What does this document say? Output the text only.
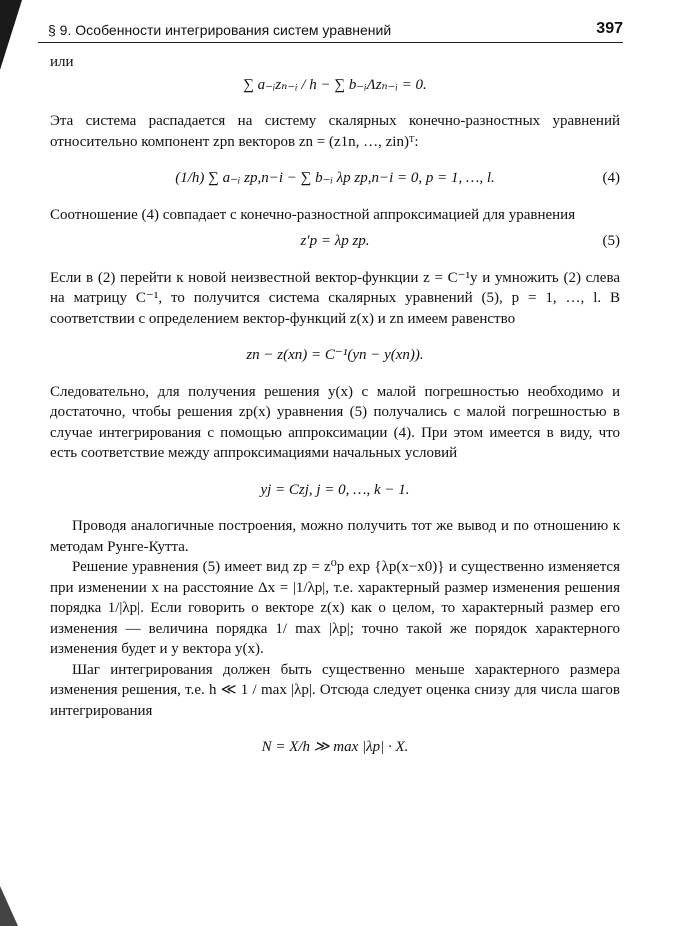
§ 9. Особенности интегрирования систем уравнений	397

или

∑ a₋ᵢzₙ₋ᵢ / h − ∑ b₋ᵢΛzₙ₋ᵢ = 0.

Эта система распадается на систему скалярных конечно-разностных уравнений относительно компонент zpn векторов zn = (z1n, …, zin)ᵀ:

(1/h) ∑ a₋ᵢ zp,n−i − ∑ b₋ᵢ λp zp,n−i = 0, p = 1, …, l.	(4)

Соотношение (4) совпадает с конечно-разностной аппроксимацией для уравнения

z′p = λp zp.	(5)

Если в (2) перейти к новой неизвестной вектор-функции z = C⁻¹y и умножить (2) слева на матрицу C⁻¹, то получится система скалярных уравнений (5), p = 1, …, l. В соответствии с определением вектор-функций z(x) и zn имеем равенство

zn − z(xn) = C⁻¹(yn − y(xn)).

Следовательно, для получения решения y(x) с малой погрешностью необходимо и достаточно, чтобы решения zp(x) уравнения (5) получались с малой погрешностью в случае интегрирования с помощью аппроксимации (4). При этом имеется в виду, что есть соответствие между аппроксимациями начальных условий

yj = Czj, j = 0, …, k − 1.

Проводя аналогичные построения, можно получить тот же вывод и по отношению к методам Рунге-Кутта.

Решение уравнения (5) имеет вид zp = z⁰p exp {λp(x−x0)} и существенно изменяется при изменении x на расстояние Δx = |1/λp|, т.е. характерный размер изменения решения порядка 1/|λp|. Если говорить о векторе z(x) как о целом, то характерный размер его изменения — величина порядка 1/ max |λp|; точно такой же порядок характерного изменения будет и у вектора y(x).

Шаг интегрирования должен быть существенно меньше характерного размера изменения решения, т.е. h ≪ 1 / max |λp|. Отсюда следует оценка снизу для числа шагов интегрирования

N = X/h ≫ max |λp| · X.
